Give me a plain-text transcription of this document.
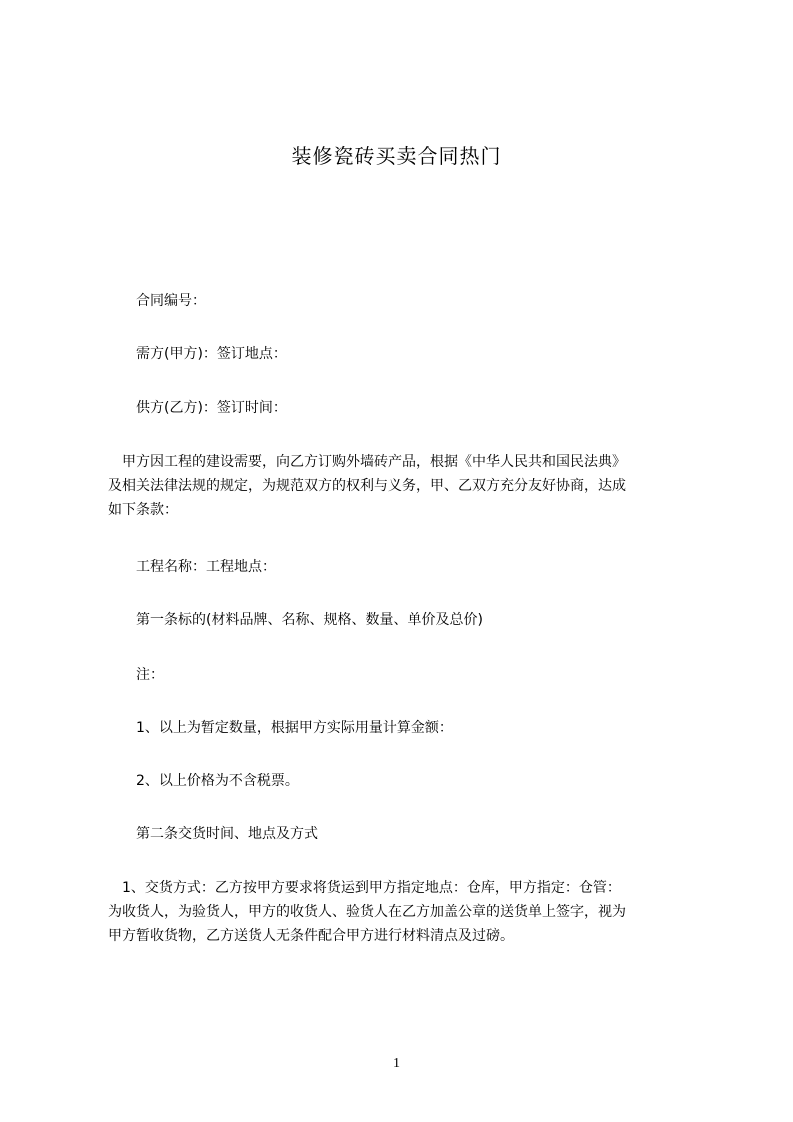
装修瓷砖买卖合同热门

合同编号：

需方(甲方)：签订地点：

供方(乙方)：签订时间：

　甲方因工程的建设需要，向乙方订购外墙砖产品，根据《中华人民共和国民法典》
及相关法律法规的规定，为规范双方的权利与义务，甲、乙双方充分友好协商，达成
如下条款：

工程名称：工程地点：

第一条标的(材料品牌、名称、规格、数量、单价及总价)

注：

1、以上为暂定数量，根据甲方实际用量计算金额：

2、以上价格为不含税票。

第二条交货时间、地点及方式

　1、交货方式：乙方按甲方要求将货运到甲方指定地点：仓库，甲方指定：仓管：
为收货人，为验货人，甲方的收货人、验货人在乙方加盖公章的送货单上签字，视为
甲方暂收货物，乙方送货人无条件配合甲方进行材料清点及过磅。
1
